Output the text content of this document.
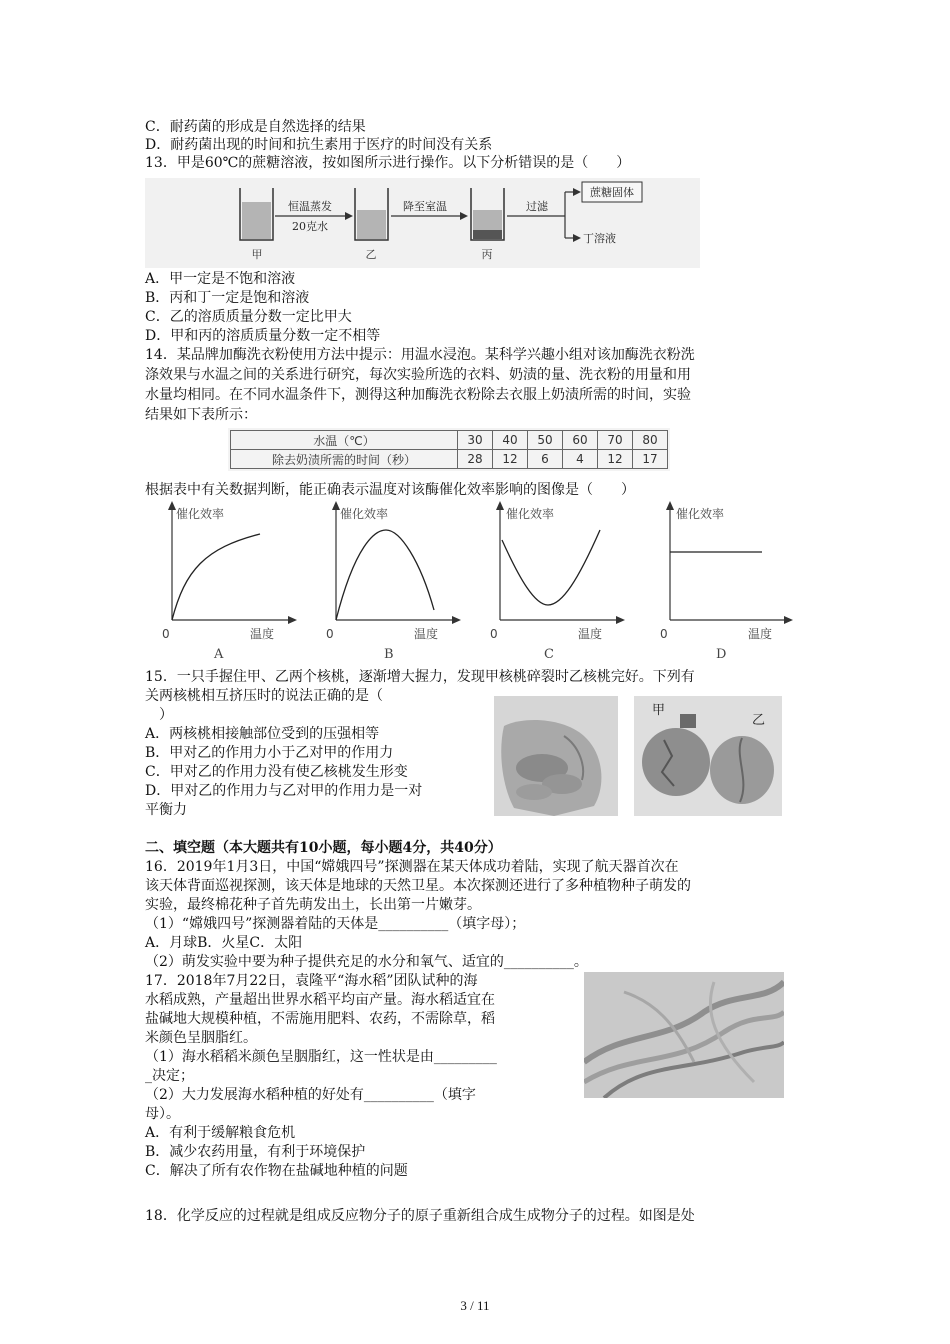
C．耐药菌的形成是自然选择的结果
D．耐药菌出现的时间和抗生素用于医疗的时间没有关系
13．甲是60℃的蔗糖溶液，按如图所示进行操作。以下分析错误的是（　　）
甲
恒温蒸发
20克水
乙
降至室温
丙
过滤
蔗糖固体
丁溶液
A．甲一定是不饱和溶液
B．丙和丁一定是饱和溶液
C．乙的溶质质量分数一定比甲大
D．甲和丙的溶质质量分数一定不相等
14．某品牌加酶洗衣粉使用方法中提示：用温水浸泡。某科学兴趣小组对该加酶洗衣粉洗
涤效果与水温之间的关系进行研究，每次实验所选的衣料、奶渍的量、洗衣粉的用量和用
水量均相同。在不同水温条件下，测得这种加酶洗衣粉除去衣服上奶渍所需的时间，实验
结果如下表所示：
水温（℃）	30	40	50	60	70	80
除去奶渍所需的时间（秒）	28	12	6	4	12	17
根据表中有关数据判断，能正确表示温度对该酶催化效率影响的图像是（　　）
催化效率
0	温度
A
催化效率
0	温度
B
催化效率
0	温度
C
催化效率
0	温度
D
15．一只手握住甲、乙两个核桃，逐渐增大握力，发现甲核桃碎裂时乙核桃完好。下列有
关两核桃相互挤压时的说法正确的是（
　）
A．两核桃相接触部位受到的压强相等
B．甲对乙的作用力小于乙对甲的作用力
C．甲对乙的作用力没有使乙核桃发生形变
D．甲对乙的作用力与乙对甲的作用力是一对
平衡力
甲
乙
二、填空题（本大题共有10小题，每小题4分，共40分）
16．2019年1月3日，中国“嫦娥四号”探测器在某天体成功着陆，实现了航天器首次在
该天体背面巡视探测，该天体是地球的天然卫星。本次探测还进行了多种植物种子萌发的
实验，最终棉花种子首先萌发出土，长出第一片嫩芽。
（1）“嫦娥四号”探测器着陆的天体是__________（填字母）；
A．月球B．火星C．太阳
（2）萌发实验中要为种子提供充足的水分和氧气、适宜的__________。
17．2018年7月22日，袁隆平“海水稻”团队试种的海
水稻成熟，产量超出世界水稻平均亩产量。海水稻适宜在
盐碱地大规模种植，不需施用肥料、农药，不需除草，稻
米颜色呈胭脂红。
（1）海水稻稻米颜色呈胭脂红，这一性状是由_________
_决定；
（2）大力发展海水稻种植的好处有__________（填字
母）。
A．有利于缓解粮食危机
B．减少农药用量，有利于环境保护
C．解决了所有农作物在盐碱地种植的问题
18．化学反应的过程就是组成反应物分子的原子重新组合成生成物分子的过程。如图是处
3 / 11
